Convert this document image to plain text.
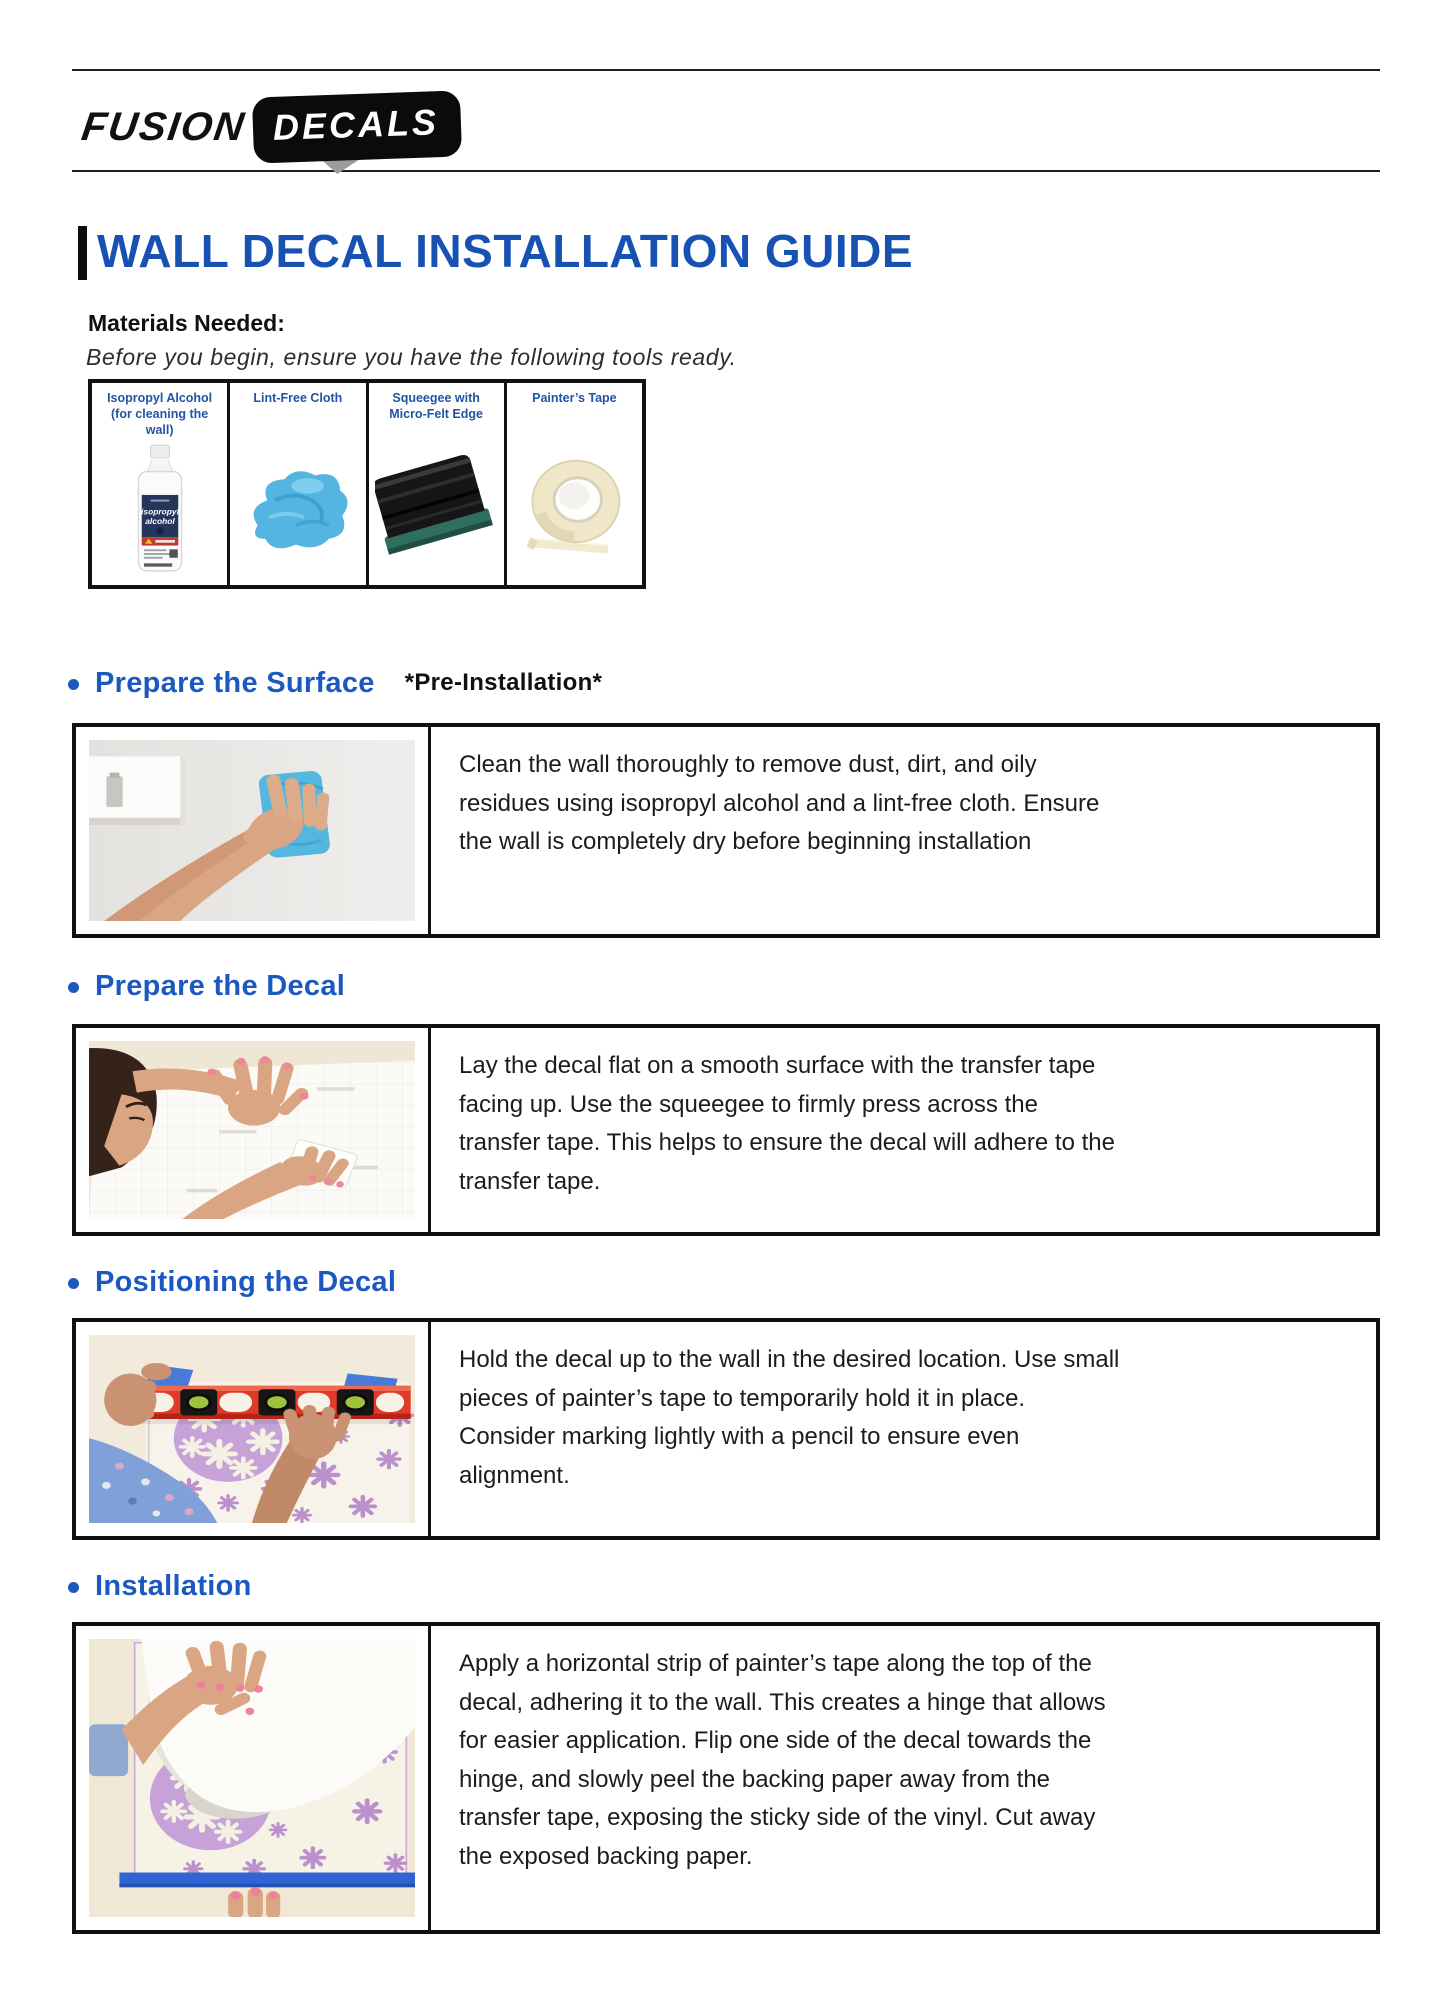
FUSION DECALS
WALL DECAL INSTALLATION GUIDE
Materials Needed:
Before you begin, ensure you have the following tools ready.
Isopropyl Alcohol (for cleaning the wall)
isopropyl
alcohol
Lint-Free Cloth	Squeegee with Micro-Felt Edge
Painter’s Tape
Prepare the Surface *Pre-Installation*

Clean the wall thoroughly to remove dust, dirt, and oily residues using isopropyl alcohol and a lint-free cloth. Ensure the wall is completely dry before beginning installation

Prepare the Decal

Lay the decal flat on a smooth surface with the transfer tape facing up. Use the squeegee to firmly press across the transfer tape. This helps to ensure the decal will adhere to the transfer tape.

Positioning the Decal

Hold the decal up to the wall in the desired location. Use small pieces of painter’s tape to temporarily hold it in place. Consider marking lightly with a pencil to ensure even alignment.

Installation

Apply a horizontal strip of painter’s tape along the top of the decal, adhering it to the wall. This creates a hinge that allows for easier application. Flip one side of the decal towards the hinge, and slowly peel the backing paper away from the transfer tape, exposing the sticky side of the vinyl. Cut away the exposed backing paper.
